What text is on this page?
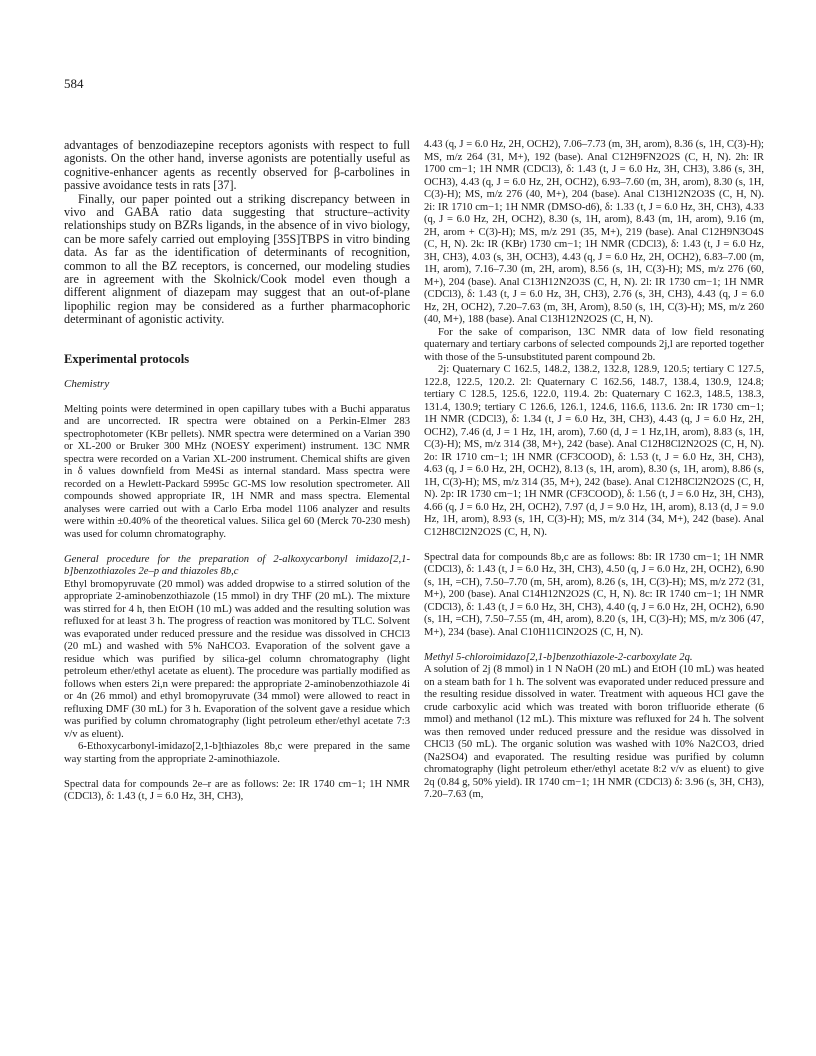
584

advantages of benzodiazepine receptors agonists with respect to full agonists. On the other hand, inverse agonists are potentially useful as cognitive-enhancer agents as recently observed for β-carbolines in passive avoidance tests in rats [37].

Finally, our paper pointed out a striking discrepancy between in vivo and GABA ratio data suggesting that structure–activity relationships study on BZRs ligands, in the absence of in vivo biology, can be more safely carried out employing [35S]TBPS in vitro binding data. As far as the identification of determinants of recognition, common to all the BZ receptors, is concerned, our modeling studies are in agreement with the Skolnick/Cook model even though a different alignment of diazepam may suggest that an out-of-plane lipophilic region may be considered as a further pharmacophoric determinant of agonistic activity.

Experimental protocols
Chemistry

Melting points were determined in open capillary tubes with a Buchi apparatus and are uncorrected. IR spectra were obtained on a Perkin-Elmer 283 spectrophotometer (KBr pellets). NMR spectra were determined on a Varian 390 or XL-200 or Bruker 300 MHz (NOESY experiment) instrument. 13C NMR spectra were recorded on a Varian XL-200 instrument. Chemical shifts are given in δ values downfield from Me4Si as internal standard. Mass spectra were recorded on a Hewlett-Packard 5995c GC-MS low resolution spectrometer. All compounds showed appropriate IR, 1H NMR and mass spectra. Elemental analyses were carried out with a Carlo Erba model 1106 analyzer and results were within ±0.40% of the theoretical values. Silica gel 60 (Merck 70-230 mesh) was used for column chromatography.

General procedure for the preparation of 2-alkoxycarbonyl imidazo[2,1-b]benzothiazoles 2e–p and thiazoles 8b,c

Ethyl bromopyruvate (20 mmol) was added dropwise to a stirred solution of the appropriate 2-aminobenzothiazole (15 mmol) in dry THF (20 mL). The mixture was stirred for 4 h, then EtOH (10 mL) was added and the resulting solution was refluxed for at least 3 h. The progress of reaction was monitored by TLC. Solvent was evaporated under reduced pressure and the residue was dissolved in CHCl3 (20 mL) and washed with 5% NaHCO3. Evaporation of the solvent gave a residue which was purified by silica-gel column chromatography (light petroleum ether/ethyl acetate as eluent). The procedure was partially modified as follows when esters 2i,n were prepared: the appropriate 2-aminobenzothiazole 4i or 4n (26 mmol) and ethyl bromopyruvate (34 mmol) were allowed to react in refluxing DMF (30 mL) for 3 h. Evaporation of the solvent gave a residue which was purified by column chromatography (light petroleum ether/ethyl acetate 7:3 v/v as eluent).

6-Ethoxycarbonyl-imidazo[2,1-b]thiazoles 8b,c were prepared in the same way starting from the appropriate 2-aminothiazole.

Spectral data for compounds 2e–r are as follows: 2e: IR 1740 cm−1; 1H NMR (CDCl3), δ: 1.43 (t, J = 6.0 Hz, 3H, CH3),

4.43 (q, J = 6.0 Hz, 2H, OCH2), 7.06–7.73 (m, 3H, arom), 8.36 (s, 1H, C(3)-H); MS, m/z 264 (31, M+), 192 (base). Anal C12H9FN2O2S (C, H, N). 2h: IR 1700 cm−1; 1H NMR (CDCl3), δ: 1.43 (t, J = 6.0 Hz, 3H, CH3), 3.86 (s, 3H, OCH3), 4.43 (q, J = 6.0 Hz, 2H, OCH2), 6.93–7.60 (m, 3H, arom), 8.30 (s, 1H, C(3)-H); MS, m/z 276 (40, M+), 204 (base). Anal C13H12N2O3S (C, H, N). 2i: IR 1710 cm−1; 1H NMR (DMSO-d6), δ: 1.33 (t, J = 6.0 Hz, 3H, CH3), 4.33 (q, J = 6.0 Hz, 2H, OCH2), 8.30 (s, 1H, arom), 8.43 (m, 1H, arom), 9.16 (m, 2H, arom + C(3)-H); MS, m/z 291 (35, M+), 219 (base). Anal C12H9N3O4S (C, H, N). 2k: IR (KBr) 1730 cm−1; 1H NMR (CDCl3), δ: 1.43 (t, J = 6.0 Hz, 3H, CH3), 4.03 (s, 3H, OCH3), 4.43 (q, J = 6.0 Hz, 2H, OCH2), 6.83–7.00 (m, 1H, arom), 7.16–7.30 (m, 2H, arom), 8.56 (s, 1H, C(3)-H); MS, m/z 276 (60, M+), 204 (base). Anal C13H12N2O3S (C, H, N). 2l: IR 1730 cm−1; 1H NMR (CDCl3), δ: 1.43 (t, J = 6.0 Hz, 3H, CH3), 2.76 (s, 3H, CH3), 4.43 (q, J = 6.0 Hz, 2H, OCH2), 7.20–7.63 (m, 3H, Arom), 8.50 (s, 1H, C(3)-H); MS, m/z 260 (40, M+), 188 (base). Anal C13H12N2O2S (C, H, N).

For the sake of comparison, 13C NMR data of low field resonating quaternary and tertiary carbons of selected compounds 2j,l are reported together with those of the 5-unsubstituted parent compound 2b.

2j: Quaternary C 162.5, 148.2, 138.2, 132.8, 128.9, 120.5; tertiary C 127.5, 122.8, 122.5, 120.2. 2l: Quaternary C 162.56, 148.7, 138.4, 130.9, 124.8; tertiary C 128.5, 125.6, 122.0, 119.4. 2b: Quaternary C 162.3, 148.5, 138.3, 131.4, 130.9; tertiary C 126.6, 126.1, 124.6, 116.6, 113.6. 2n: IR 1730 cm−1; 1H NMR (CDCl3), δ: 1.34 (t, J = 6.0 Hz, 3H, CH3), 4.43 (q, J = 6.0 Hz, 2H, OCH2), 7.46 (d, J = 1 Hz, 1H, arom), 7.60 (d, J = 1 Hz,1H, arom), 8.83 (s, 1H, C(3)-H); MS, m/z 314 (38, M+), 242 (base). Anal C12H8Cl2N2O2S (C, H, N). 2o: IR 1710 cm−1; 1H NMR (CF3COOD), δ: 1.53 (t, J = 6.0 Hz, 3H, CH3), 4.63 (q, J = 6.0 Hz, 2H, OCH2), 8.13 (s, 1H, arom), 8.30 (s, 1H, arom), 8.86 (s, 1H, C(3)-H); MS, m/z 314 (35, M+), 242 (base). Anal C12H8Cl2N2O2S (C, H, N). 2p: IR 1730 cm−1; 1H NMR (CF3COOD), δ: 1.56 (t, J = 6.0 Hz, 3H, CH3), 4.66 (q, J = 6.0 Hz, 2H, OCH2), 7.97 (d, J = 9.0 Hz, 1H, arom), 8.13 (d, J = 9.0 Hz, 1H, arom), 8.93 (s, 1H, C(3)-H); MS, m/z 314 (34, M+), 242 (base). Anal C12H8Cl2N2O2S (C, H, N).

Spectral data for compounds 8b,c are as follows: 8b: IR 1730 cm−1; 1H NMR (CDCl3), δ: 1.43 (t, J = 6.0 Hz, 3H, CH3), 4.50 (q, J = 6.0 Hz, 2H, OCH2), 6.90 (s, 1H, =CH), 7.50–7.70 (m, 5H, arom), 8.26 (s, 1H, C(3)-H); MS, m/z 272 (31, M+), 200 (base). Anal C14H12N2O2S (C, H, N). 8c: IR 1740 cm−1; 1H NMR (CDCl3), δ: 1.43 (t, J = 6.0 Hz, 3H, CH3), 4.40 (q, J = 6.0 Hz, 2H, OCH2), 6.90 (s, 1H, =CH), 7.50–7.55 (m, 4H, arom), 8.20 (s, 1H, C(3)-H); MS, m/z 306 (47, M+), 234 (base). Anal C10H11ClN2O2S (C, H, N).

Methyl 5-chloroimidazo[2,1-b]benzothiazole-2-carboxylate 2q.

A solution of 2j (8 mmol) in 1 N NaOH (20 mL) and EtOH (10 mL) was heated on a steam bath for 1 h. The solvent was evaporated under reduced pressure and the resulting residue dissolved in water. Treatment with aqueous HCl gave the crude carboxylic acid which was treated with boron trifluoride etherate (6 mmol) and methanol (12 mL). This mixture was refluxed for 24 h. The solvent was then removed under reduced pressure and the residue was dissolved in CHCl3 (50 mL). The organic solution was washed with 10% Na2CO3, dried (Na2SO4) and evaporated. The resulting residue was purified by column chromatography (light petroleum ether/ethyl acetate 8:2 v/v as eluent) to give 2q (0.84 g, 50% yield). IR 1740 cm−1; 1H NMR (CDCl3) δ: 3.96 (s, 3H, CH3), 7.20–7.63 (m,
